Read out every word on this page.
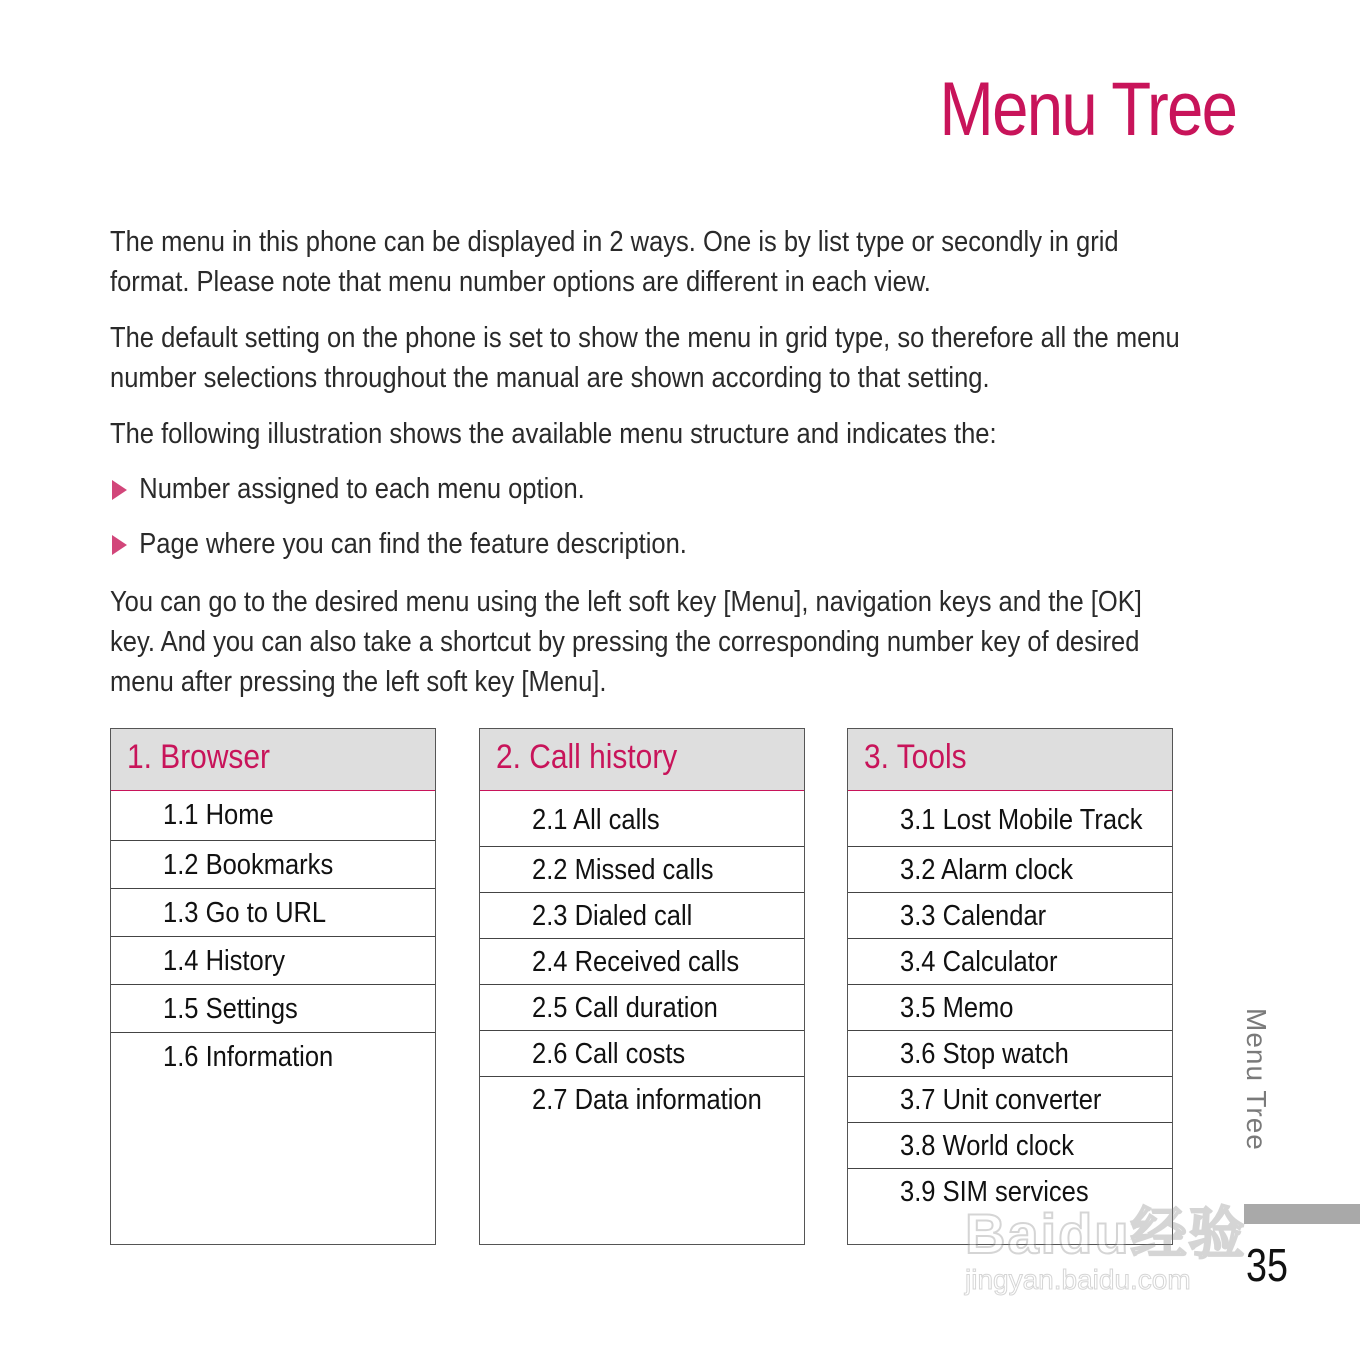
Menu Tree

The menu in this phone can be displayed in 2 ways. One is by list type or secondly in grid format. Please note that menu number options are different in each view.

The default setting on the phone is set to show the menu in grid type, so therefore all the menu number selections throughout the manual are shown according to that setting.

The following illustration shows the available menu structure and indicates the:

Number assigned to each menu option.
Page where you can find the feature description.

You can go to the desired menu using the left soft key [Menu], navigation keys and the [OK] key. And you can also take a shortcut by pressing the corresponding number key of desired menu after pressing the left soft key [Menu].

1. Browser
1.1 Home
1.2 Bookmarks
1.3 Go to URL
1.4 History
1.5 Settings
1.6 Information
2. Call history
2.1 All calls
2.2 Missed calls
2.3 Dialed call
2.4 Received calls
2.5 Call duration
2.6 Call costs
2.7 Data information
3. Tools
3.1 Lost Mobile Track
3.2 Alarm clock
3.3 Calendar
3.4 Calculator
3.5 Memo
3.6 Stop watch
3.7 Unit converter
3.8 World clock
3.9 SIM services
Menu Tree
35
Baidu经验
jingyan.baidu.com
